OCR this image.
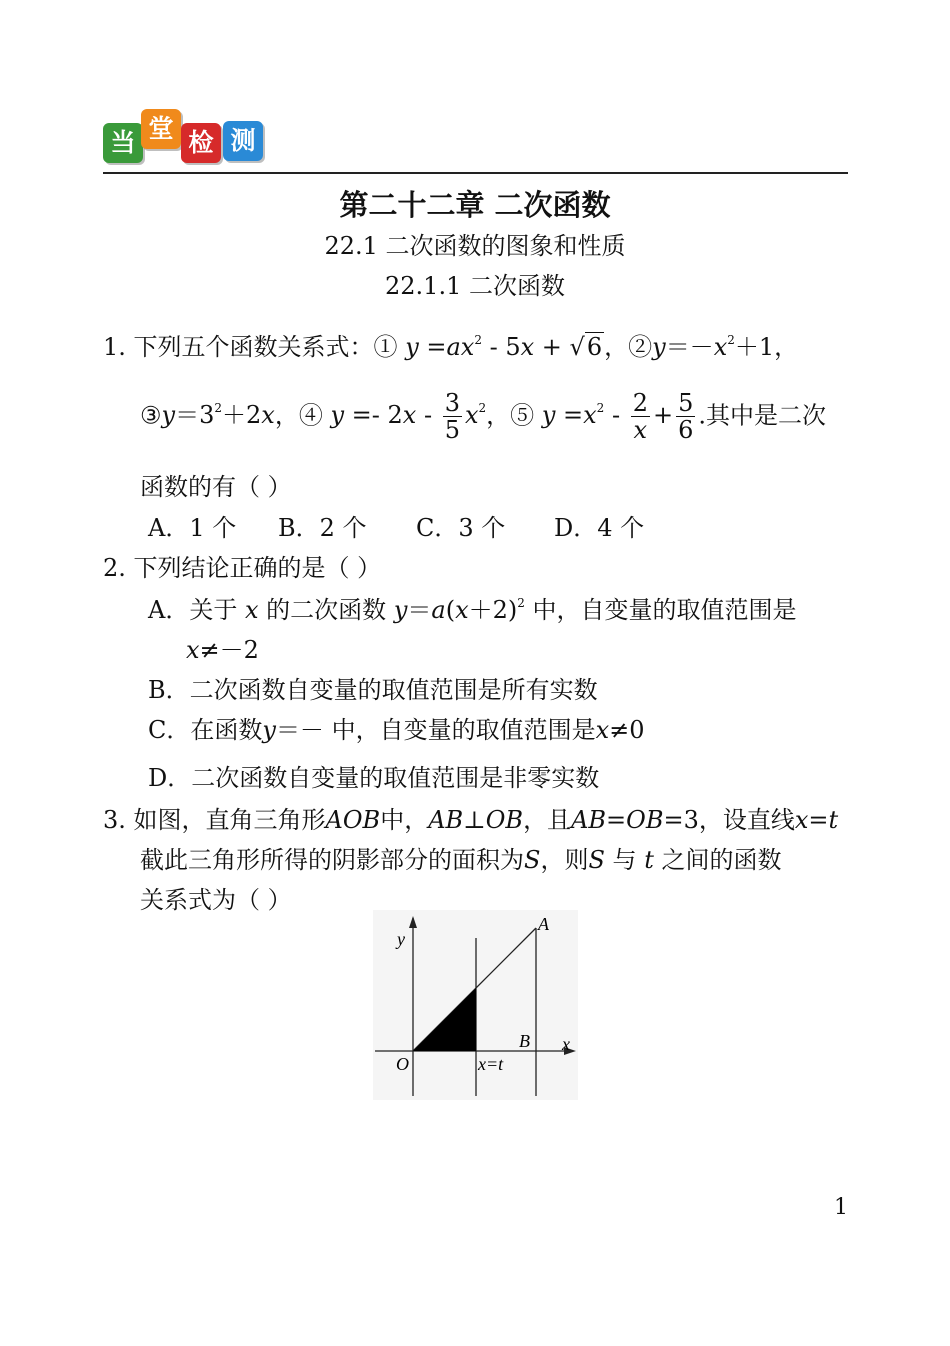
当 堂 检 测
第二十二章 二次函数
22.1 二次函数的图象和性质
22.1.1 二次函数
1. 下列五个函数关系式：① $y =ax^2 - 5x + √6$，$②y=-x^2+1$，
$③y=3^2+2x$，④ $y =- 2x - \frac{3}{5} x^2$，⑤ $y =x^2 - \frac{2}{x} + \frac{5}{6}$ .其中是二次
函数的有（ ）
A．1 个 B．2 个 C．3 个 D．4 个
2. 下列结论正确的是（ ）
A．关于 x 的二次函数 $y=a(x+2)^2$ 中，自变量的取值范围是
x≠－2
B．二次函数自变量的取值范围是所有实数
C．在函数y＝－ 中，自变量的取值范围是x≠0
D．二次函数自变量的取值范围是非零实数
3. 如图，直角三角形AOB中，AB⊥OB，且AB=OB=3，设直线x=t
截此三角形所得的阴影部分的面积为S，则S 与 t 之间的函数
关系式为（ ）
y
x
O
A
B
x=t
1
